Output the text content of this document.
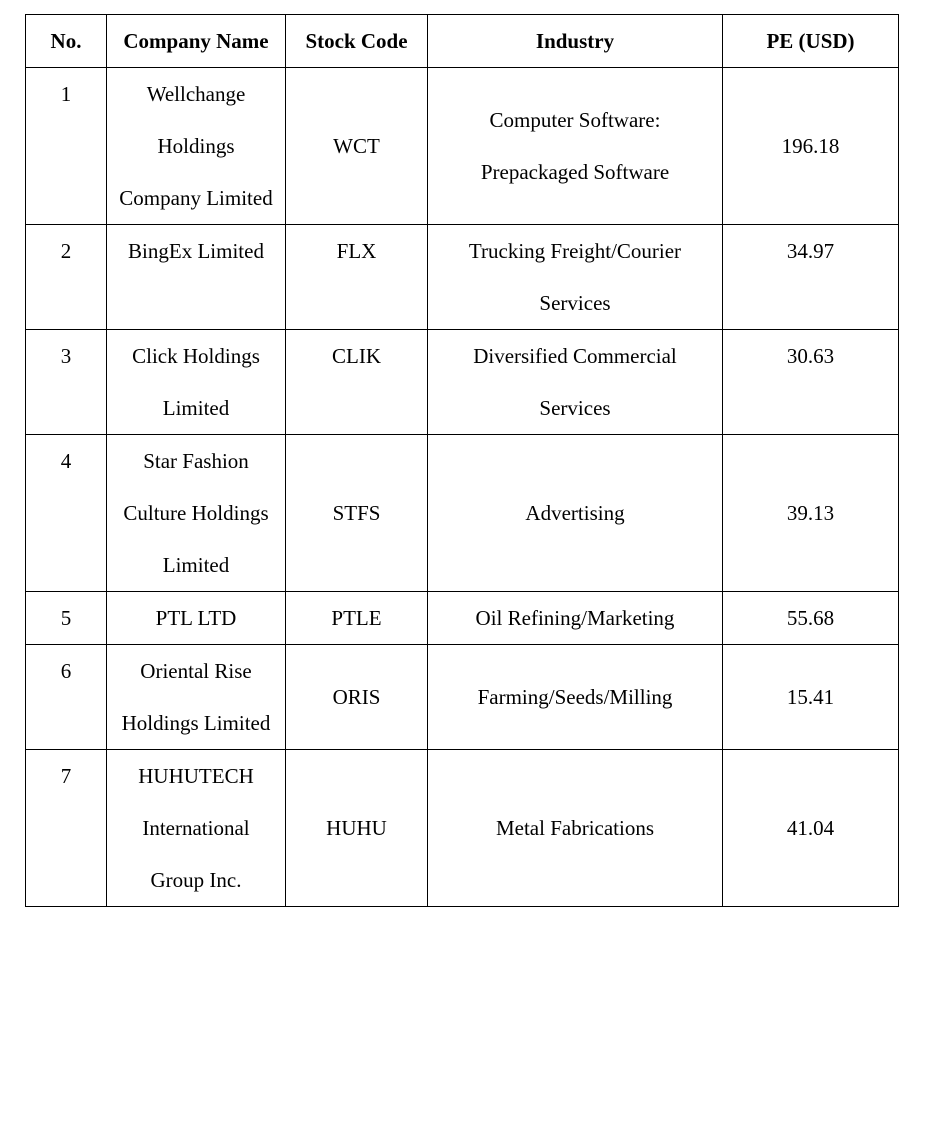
No.	Company Name	Stock Code	Industry	PE (USD)
1	Wellchange Holdings Company Limited	WCT	Computer Software: Prepackaged Software	196.18
2	BingEx Limited	FLX	Trucking Freight/Courier Services	34.97
3	Click Holdings Limited	CLIK	Diversified Commercial Services	30.63
4	Star Fashion Culture Holdings Limited	STFS	Advertising	39.13
5	PTL LTD	PTLE	Oil Refining/Marketing	55.68
6	Oriental Rise Holdings Limited	ORIS	Farming/Seeds/Milling	15.41
7	HUHUTECH International Group Inc.	HUHU	Metal Fabrications	41.04
